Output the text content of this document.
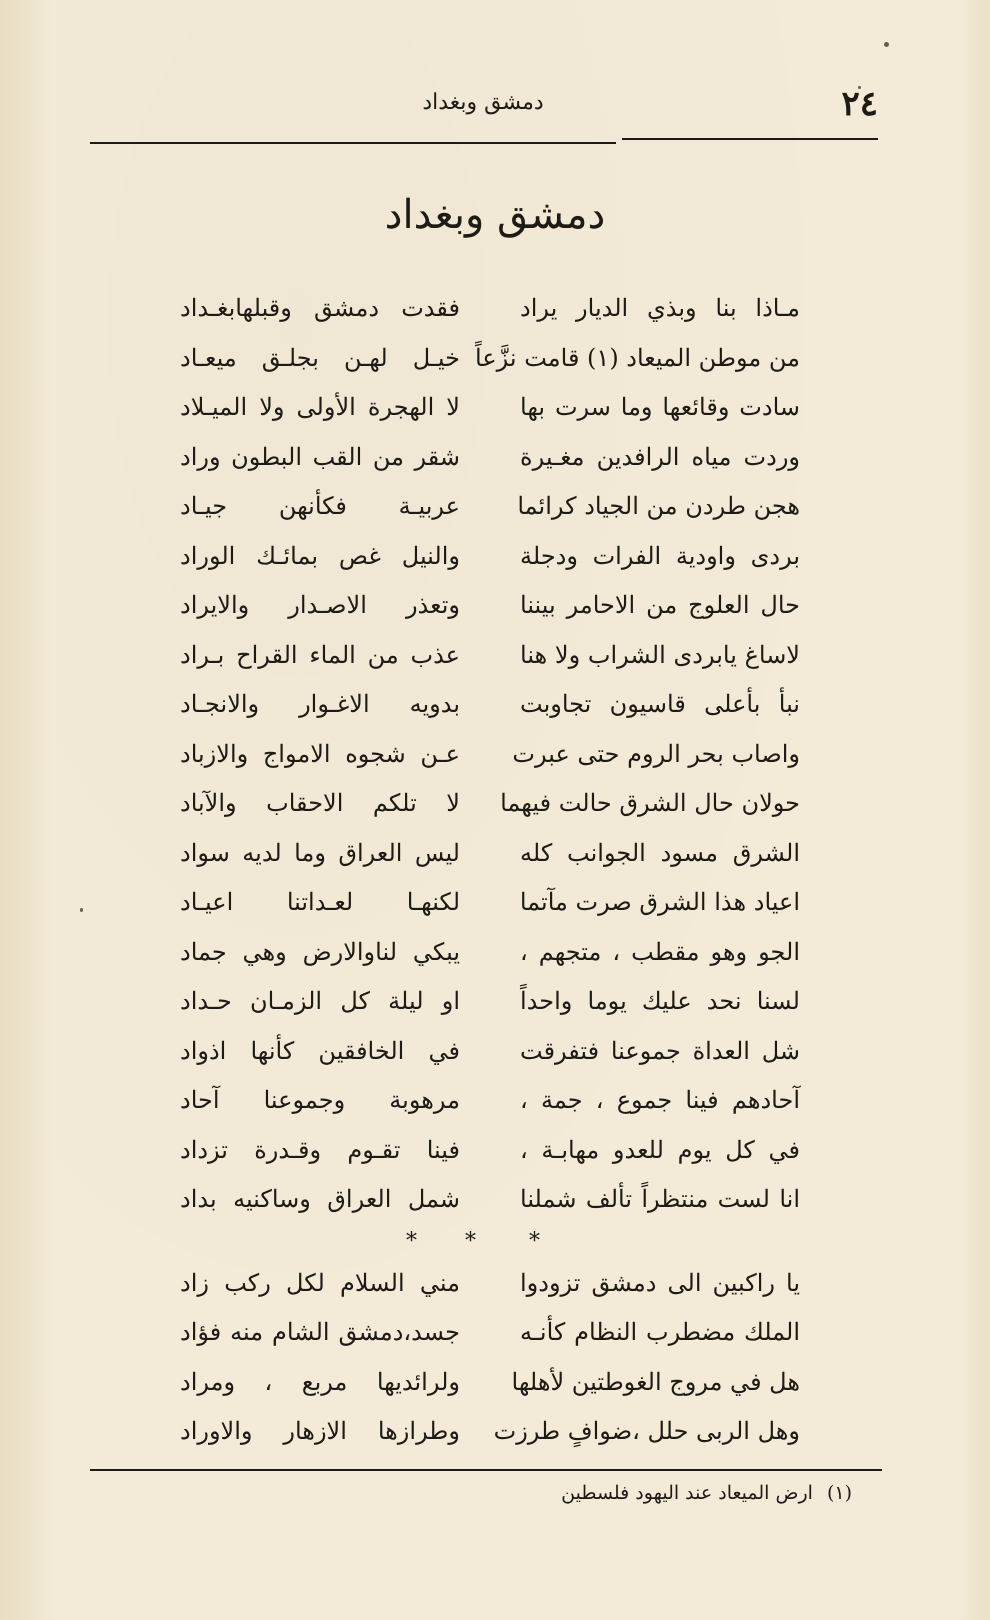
٢٤
دمشق وبغداد
دمشق وبغداد
مـاذا بنا وبذي الديار يراد
فقدت دمشق وقبلهابغـداد
من موطن الميعاد (١) قامت نزَّعاً
خيـل لهـن بجلـق ميعـاد
سادت وقائعها وما سرت بها
لا الهجرة الأولى ولا الميـلاد
وردت مياه الرافدين مغـيرة
شقر من القب البطون وراد
هجن طردن من الجياد كرائما
عربيـة فكأنهن جيـاد
بردى واودية الفرات ودجلة
والنيل غص بمائـك الوراد
حال العلوج من الاحامر بيننا
وتعذر الاصـدار والايراد
لاساغ يابردى الشراب ولا هنا
عذب من الماء القراح بـراد
نبأ بأعلى قاسيون تجاوبت
بدويه الاغـوار والانجـاد
واصاب بحر الروم حتى عبرت
عـن شجوه الامواج والازباد
حولان حال الشرق حالت فيهما
لا تلكم الاحقاب والآباد
الشرق مسود الجوانب كله
ليس العراق وما لديه سواد
اعياد هذا الشرق صرت مآتما
لكنهـا لعـداتنا اعيـاد
الجو وهو مقطب ، متجهم ،
يبكي لناوالارض وهي جماد
لسنا نحد عليك يوما واحداً
او ليلة كل الزمـان حـداد
شل العداة جموعنا فتفرقت
في الخافقين كأنها اذواد
آحادهم فينا جموع ، جمة ،
مرهوبة وجموعنا آحاد
في كل يوم للعدو مهابـة ،
فينا تقـوم وقـدرة تزداد
انا لست منتظراً تألف شملنا
شمل العراق وساكنيه بداد
*
*
*
يا راكبين الى دمشق تزودوا
مني السلام لكل ركب زاد
الملك مضطرب النظام كأنـه
جسد،دمشق الشام منه فؤاد
هل في مروج الغوطتين لأهلها
ولرائديها مربع ، ومراد
وهل الربى حلل ،ضوافٍ طرزت
وطرازها الازهار والاوراد
(١)ارض الميعاد عند اليهود فلسطين
